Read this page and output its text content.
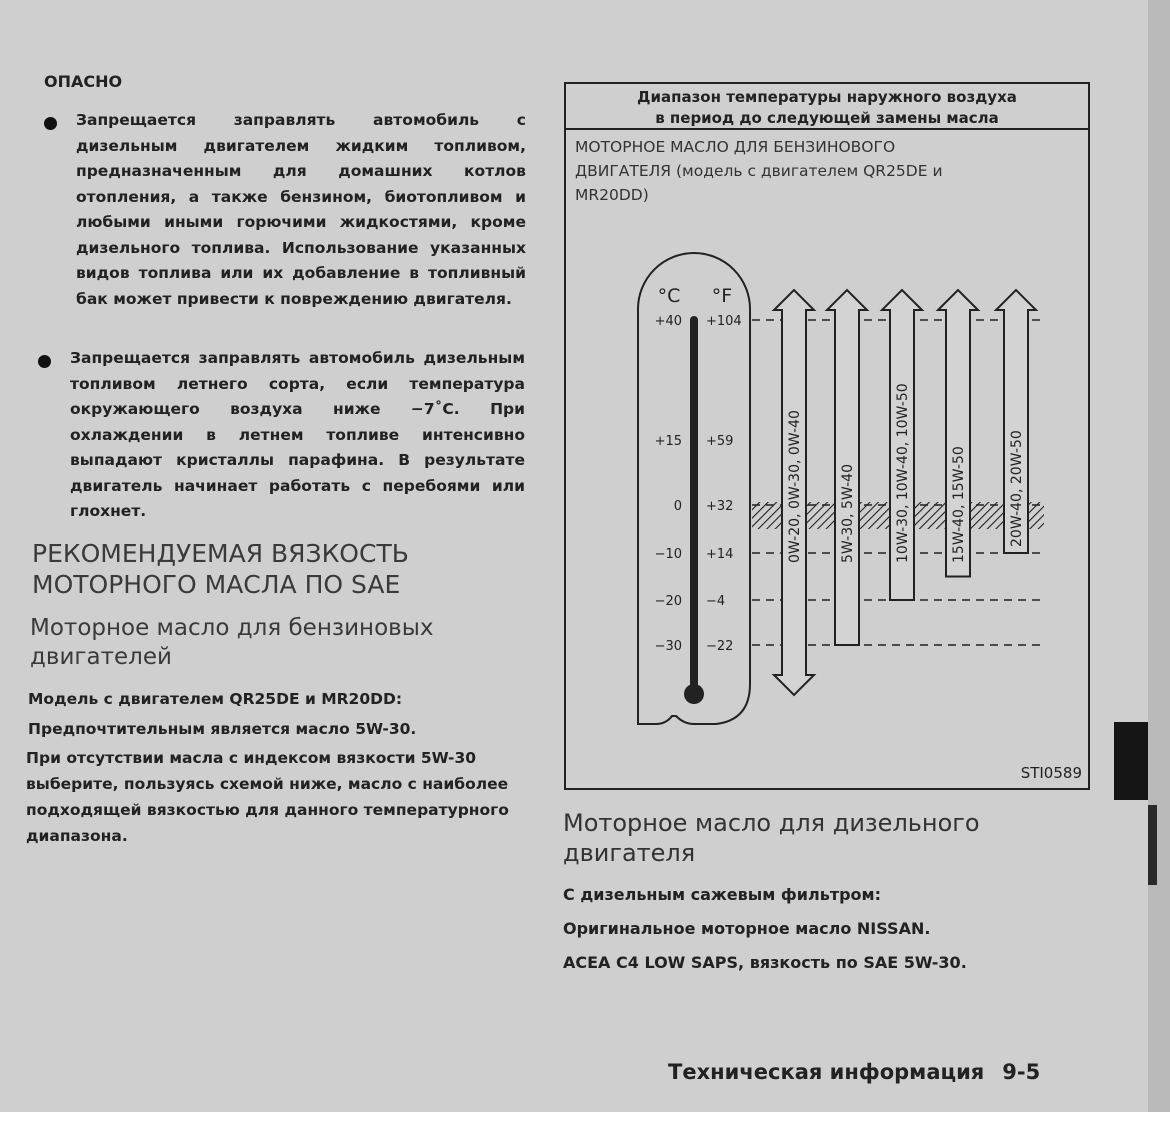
ОПАСНО
Запрещается заправлять автомобиль с дизельным двигателем жидким топливом, предназначенным для домашних котлов отопления, а также бензином, биотопливом и любыми иными горючими жидкостями, кроме дизельного топлива. Использование указанных видов топлива или их добавление в топливный бак может привести к повреждению двигателя.
Запрещается заправлять автомобиль дизельным топливом летнего сорта, если температура окружающего воздуха ниже −7˚C. При охлаждении в летнем топливе интенсивно выпадают кристаллы парафина. В результате двигатель начинает работать с перебоями или глохнет.
РЕКОМЕНДУЕМАЯ ВЯЗКОСТЬ
МОТОРНОГО МАСЛА ПО SAE
Моторное масло для бензиновых
двигателей
Модель с двигателем QR25DE и MR20DD:
Предпочтительным является масло 5W-30.
При отсутствии масла с индексом вязкости 5W-30 выберите, пользуясь схемой ниже, масло с наиболее подходящей вязкостью для данного температурного диапазона.
Диапазон температуры наружного воздуха
в период до следующей замены масла
МОТОРНОЕ МАСЛО ДЛЯ БЕНЗИНОВОГО
ДВИГАТЕЛЯ (модель с двигателем QR25DE и
MR20DD)
°C °F
+40 +104
+15 +59
0 +32
−10 +14
−20 −4
−30 −22
0W-20, 0W-30, 0W-40	5W-30, 5W-40	10W-30, 10W-40, 10W-50	15W-40, 15W-50	20W-40, 20W-50
STI0589
Моторное масло для дизельного
двигателя
С дизельным сажевым фильтром:
Оригинальное моторное масло NISSAN.
ACEA C4 LOW SAPS, вязкость по SAE 5W-30.
Техническая информация 9-5
